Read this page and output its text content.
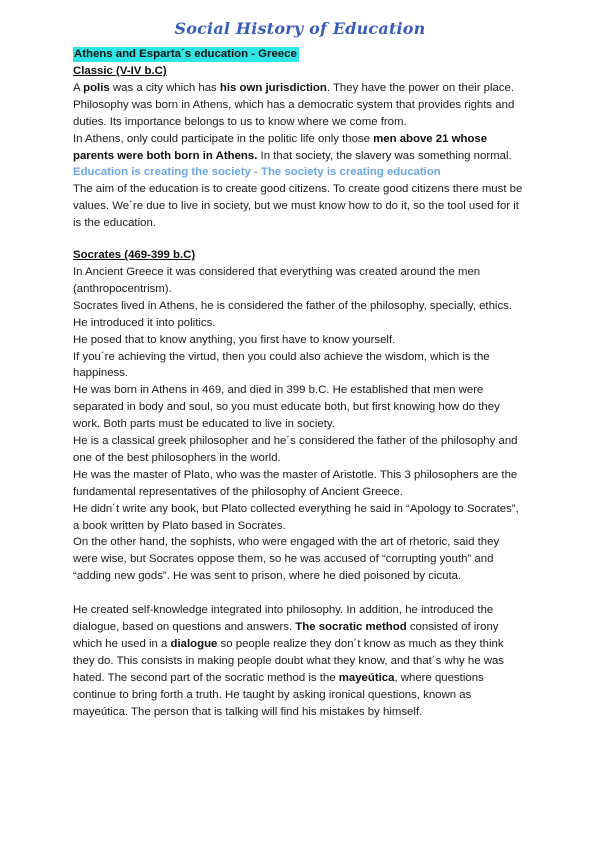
Social History of Education
Athens and Esparta´s education - Greece

Classic (V-IV b.C)

A polis was a city which has his own jurisdiction. They have the power on their place.

Philosophy was born in Athens, which has a democratic system that provides rights and duties. Its importance belongs to us to know where we come from.

In Athens, only could participate in the politic life only those men above 21 whose parents were both born in Athens. In that society, the slavery was something normal.

Education is creating the society - The society is creating education

The aim of the education is to create good citizens. To create good citizens there must be values. We´re due to live in society, but we must know how to do it, so the tool used for it is the education.

Socrates (469-399 b.C)

In Ancient Greece it was considered that everything was created around the men (anthropocentrism).

Socrates lived in Athens, he is considered the father of the philosophy, specially, ethics. He introduced it into politics.

He posed that to know anything, you first have to know yourself.

If you´re achieving the virtud, then you could also achieve the wisdom, which is the happiness.

He was born in Athens in 469, and died in 399 b.C. He established that men were separated in body and soul, so you must educate both, but first knowing how do they work. Both parts must be educated to live in society.

He is a classical greek philosopher and he´s considered the father of the philosophy and one of the best philosophers in the world.

He was the master of Plato, who was the master of Aristotle. This 3 philosophers are the fundamental representatives of the philosophy of Ancient Greece.

He didn´t write any book, but Plato collected everything he said in “Apology to Socrates”, a book written by Plato based in Socrates.

On the other hand, the sophists, who were engaged with the art of rhetoric, said they were wise, but Socrates oppose them, so he was accused of “corrupting youth” and “adding new gods”. He was sent to prison, where he died poisoned by cicuta.

He created self-knowledge integrated into philosophy. In addition, he introduced the dialogue, based on questions and answers. The socratic method consisted of irony which he used in a dialogue so people realize they don´t know as much as they think they do. This consists in making people doubt what they know, and that´s why he was hated. The second part of the socratic method is the mayeútica, where questions continue to bring forth a truth. He taught by asking ironical questions, known as mayeútica. The person that is talking will find his mistakes by himself.
